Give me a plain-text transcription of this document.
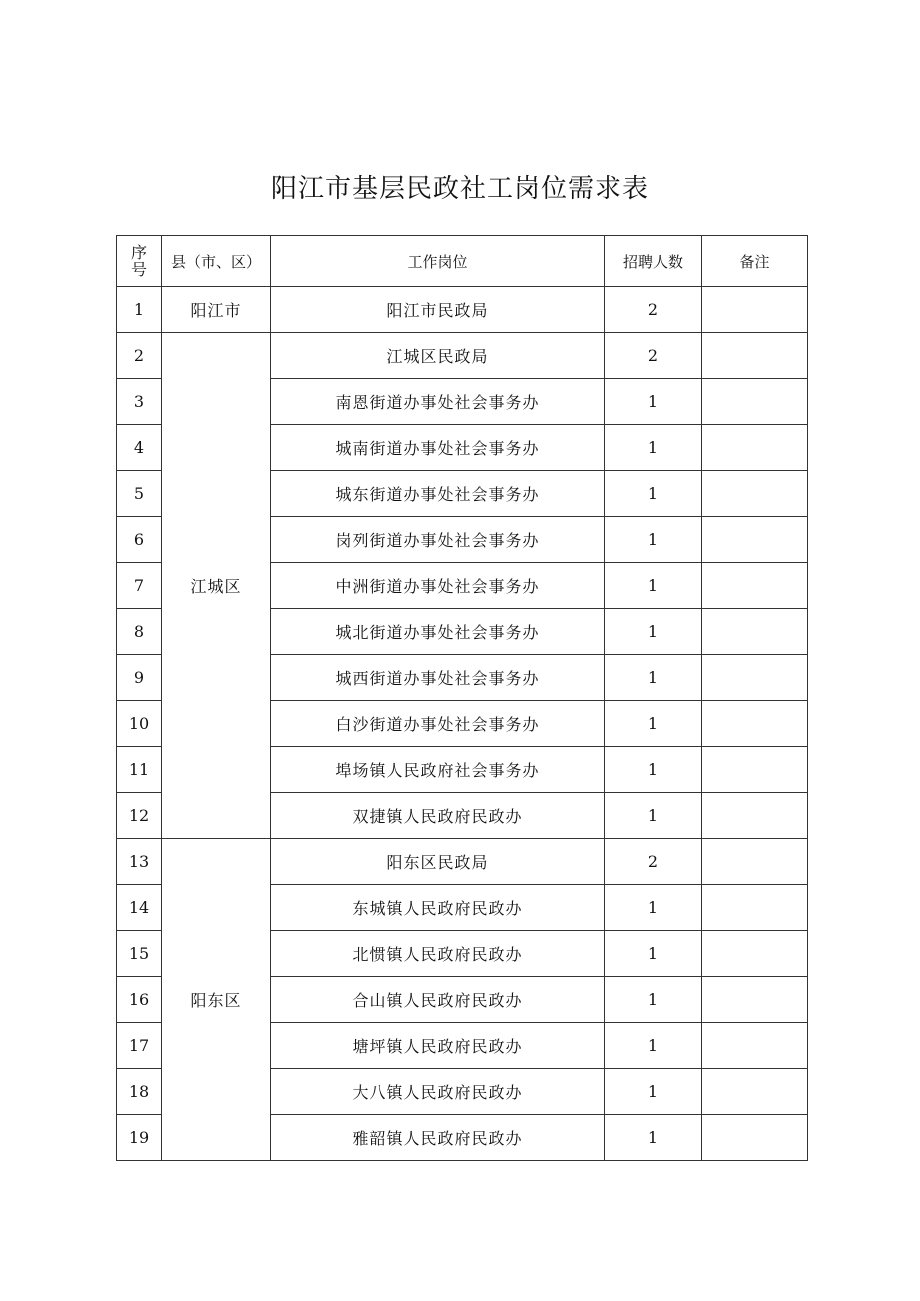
阳江市基层民政社工岗位需求表
序号	县（市、区）	工作岗位	招聘人数	备注
1	阳江市	阳江市民政局	2	
2	江城区	江城区民政局	2	
3		南恩街道办事处社会事务办	1	
4		城南街道办事处社会事务办	1	
5		城东街道办事处社会事务办	1	
6		岗列街道办事处社会事务办	1	
7		中洲街道办事处社会事务办	1	
8		城北街道办事处社会事务办	1	
9		城西街道办事处社会事务办	1	
10		白沙街道办事处社会事务办	1	
11		埠场镇人民政府社会事务办	1	
12		双捷镇人民政府民政办	1	
13	阳东区	阳东区民政局	2	
14		东城镇人民政府民政办	1	
15		北惯镇人民政府民政办	1	
16		合山镇人民政府民政办	1	
17		塘坪镇人民政府民政办	1	
18		大八镇人民政府民政办	1	
19		雅韶镇人民政府民政办	1	
